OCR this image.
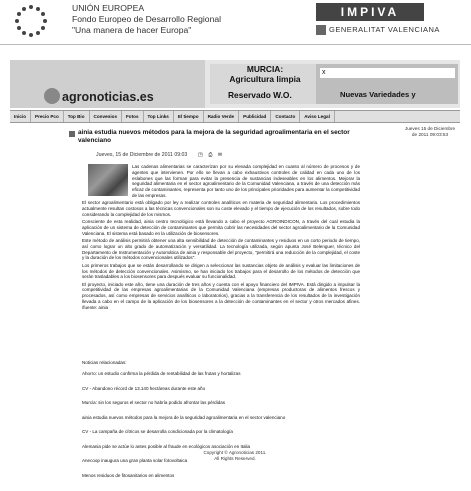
UNIÓN EUROPEA
Fondo Europeo de Desarrollo Regional
"Una manera de hacer Europa"
IMPIVA
GENERALITAT VALENCIANA
agronoticias.es
MURCIA:
Agricultura limpia
Reservado W.O.
x
Nuevas Variedades y
Inicio	Precio Pco	Top Bio	Convenios	Fotos	Top Links	El tiempo	Radio Verde	Publicidad	Contacto	Aviso Legal
ainia estudia nuevos métodos para la mejora de la seguridad agroalimentaria en el sector valenciano
Jueves, 15 de Diciembre de 2011 09:03 ◳ ⎙ ✉
Jueves 15 de Diciembre de 2011 09:03:53

Las cadenas alimentarias se caracterizan por su elevada complejidad en cuanto al número de procesos y de agentes que intervienen. Por ello se llevan a cabo exhaustivos controles de calidad en cada uno de los eslabones que las forman para evitar la presencia de sustancias indeseables en los alimentos. Mejorar la seguridad alimentaria en el sector agroalimentario de la Comunidad Valenciana, a través de una detección más eficaz de contaminantes, representa por tanto uno de los principales prioridades para aumentar la competitividad de las empresas.

El sector agroalimentario está obligado por ley a realizar controles analíticos en materia de seguridad alimentaria. Los procedimientos actualmente resultan costosos a las técnicas convencionales son su coste elevado y el tiempo de ejecución de los resultados, sobre todo considerando la complejidad de los mismos.

Consciente de esta realidad, ainia centro tecnológico está llevando a cabo el proyecto AGROINDICON, a través del cual estudia la aplicación de un sistema de detección de contaminantes que permita cubrir las necesidades del sector agroalimentario de la Comunidad Valenciana. El sistema está basado en la utilización de biosensores.

Este método de análisis permitirá obtener una alta sensibilidad de detección de contaminantes y residuos en un corto periodo de tiempo, así como lograr un alto grado de automatización y versatilidad. La tecnología utilizada, según apunta José Belenguer, técnico del Departamento de Instrumentación y Automática de ainia y responsable del proyecto, "permitirá una reducción de la complejidad, el coste y la duración de los métodos convencionales utilizados".

Los primeros trabajos que se están desarrollando se dirigen a seleccionar las sustancias objeto de análisis y evaluar las limitaciones de los métodos de detección convencionales. Asimismo, se han iniciado los trabajos para el desarrollo de los métodos de detección que serán trasladables a los biosensores para después evaluar su funcionalidad.

El proyecto, iniciado este año, tiene una duración de tres años y cuenta con el apoyo financiero del IMPIVA. Está dirigido a impulsar la competitividad de las empresas agroalimentarias de la Comunidad Valenciana (empresas productoras de alimentos frescos y procesados, así como empresas de servicios analíticos o laboratorios), gracias a la transferencia de los resultados de la investigación llevada a cabo en el campo de la aplicación de los biosensores a la detección de contaminantes en el sector y otros mercados afines. /fuente: ainia

Noticias relacionadas:
Ahorro: un estudio confirma la pérdida de rentabilidad de las frutas y hortalizas
CV - Abandono récord de 13.140 hectáreas durante este año
Murcia: sin los seguros el sector no habría podido afrontar las pérdidas
ainia estudia nuevos métodos para la mejora de la seguridad agroalimentaria en el sector valenciano
CV - La campaña de cítricos se desarrolla condicionada por la climatología
Alemania pide se actúe lo antes posible al fraude en ecológicos asociación en Italia
Anecoop inaugura una gran planta solar fotovoltaica
Menos residuos de fitosanitarios en alimentos
Copyright © Agronoticias 2011.
All Rights Reserved.
